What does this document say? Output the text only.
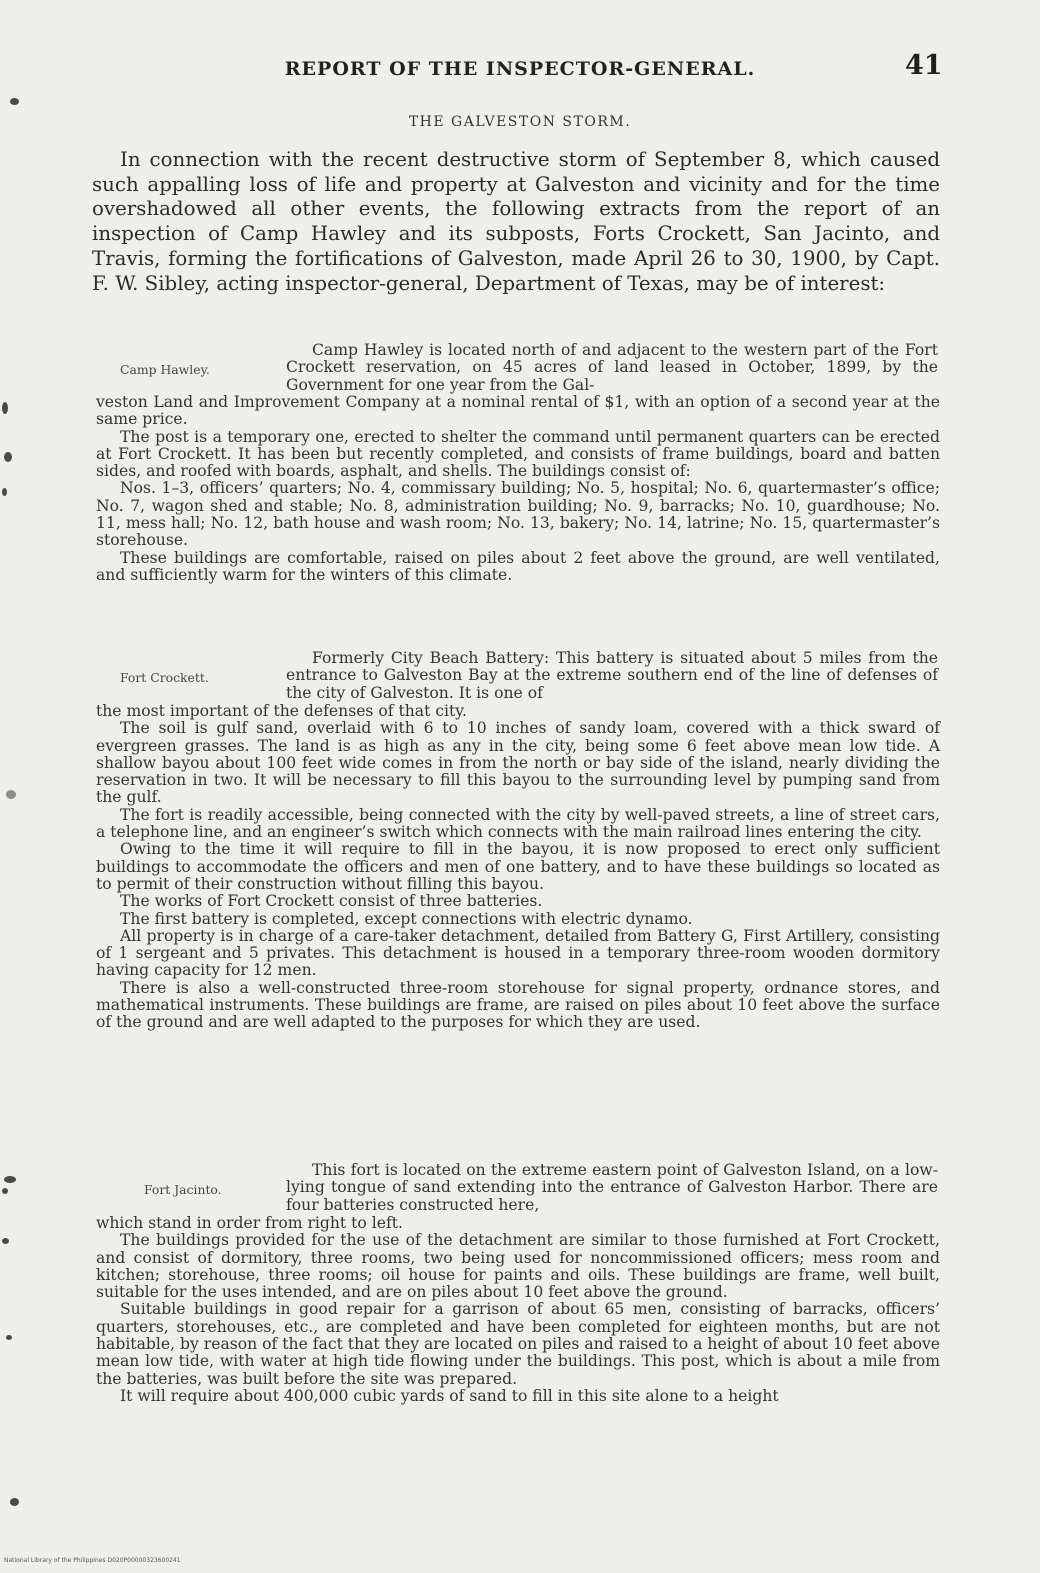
REPORT OF THE INSPECTOR-GENERAL.	41
THE GALVESTON STORM.
In connection with the recent destructive storm of September 8, which caused such appalling loss of life and property at Galveston and vicinity and for the time overshadowed all other events, the following extracts from the report of an inspection of Camp Hawley and its subposts, Forts Crockett, San Jacinto, and Travis, forming the fortifications of Galveston, made April 26 to 30, 1900, by Capt. F. W. Sibley, acting inspector-general, Department of Texas, may be of interest:
Camp Hawley.
Camp Hawley is located north of and adjacent to the western part of the Fort Crockett reservation, on 45 acres of land leased in October, 1899, by the Government for one year from the Gal-

veston Land and Improvement Company at a nominal rental of $1, with an option of a second year at the same price.

The post is a temporary one, erected to shelter the command until permanent quarters can be erected at Fort Crockett. It has been but recently completed, and consists of frame buildings, board and batten sides, and roofed with boards, asphalt, and shells. The buildings consist of:

Nos. 1–3, officers’ quarters; No. 4, commissary building; No. 5, hospital; No. 6, quartermaster’s office; No. 7, wagon shed and stable; No. 8, administration building; No. 9, barracks; No. 10, guardhouse; No. 11, mess hall; No. 12, bath house and wash room; No. 13, bakery; No. 14, latrine; No. 15, quartermaster’s storehouse.

These buildings are comfortable, raised on piles about 2 feet above the ground, are well ventilated, and sufficiently warm for the winters of this climate.

Fort Crockett.
Formerly City Beach Battery: This battery is situated about 5 miles from the entrance to Galveston Bay at the extreme southern end of the line of defenses of the city of Galveston. It is one of

the most important of the defenses of that city.

The soil is gulf sand, overlaid with 6 to 10 inches of sandy loam, covered with a thick sward of evergreen grasses. The land is as high as any in the city, being some 6 feet above mean low tide. A shallow bayou about 100 feet wide comes in from the north or bay side of the island, nearly dividing the reservation in two. It will be necessary to fill this bayou to the surrounding level by pumping sand from the gulf.

The fort is readily accessible, being connected with the city by well-paved streets, a line of street cars, a telephone line, and an engineer’s switch which connects with the main railroad lines entering the city.

Owing to the time it will require to fill in the bayou, it is now proposed to erect only sufficient buildings to accommodate the officers and men of one battery, and to have these buildings so located as to permit of their construction without filling this bayou.

The works of Fort Crockett consist of three batteries.

The first battery is completed, except connections with electric dynamo.

All property is in charge of a care-taker detachment, detailed from Battery G, First Artillery, consisting of 1 sergeant and 5 privates. This detachment is housed in a temporary three-room wooden dormitory having capacity for 12 men.

There is also a well-constructed three-room storehouse for signal property, ordnance stores, and mathematical instruments. These buildings are frame, are raised on piles about 10 feet above the surface of the ground and are well adapted to the purposes for which they are used.

Fort Jacinto.
This fort is located on the extreme eastern point of Galveston Island, on a low-lying tongue of sand extending into the entrance of Galveston Harbor. There are four batteries constructed here,

which stand in order from right to left.

The buildings provided for the use of the detachment are similar to those furnished at Fort Crockett, and consist of dormitory, three rooms, two being used for noncommissioned officers; mess room and kitchen; storehouse, three rooms; oil house for paints and oils. These buildings are frame, well built, suitable for the uses intended, and are on piles about 10 feet above the ground.

Suitable buildings in good repair for a garrison of about 65 men, consisting of barracks, officers’ quarters, storehouses, etc., are completed and have been completed for eighteen months, but are not habitable, by reason of the fact that they are located on piles and raised to a height of about 10 feet above mean low tide, with water at high tide flowing under the buildings. This post, which is about a mile from the batteries, was built before the site was prepared.

It will require about 400,000 cubic yards of sand to fill in this site alone to a height

National Library of the Philippines D020P00000323600241
